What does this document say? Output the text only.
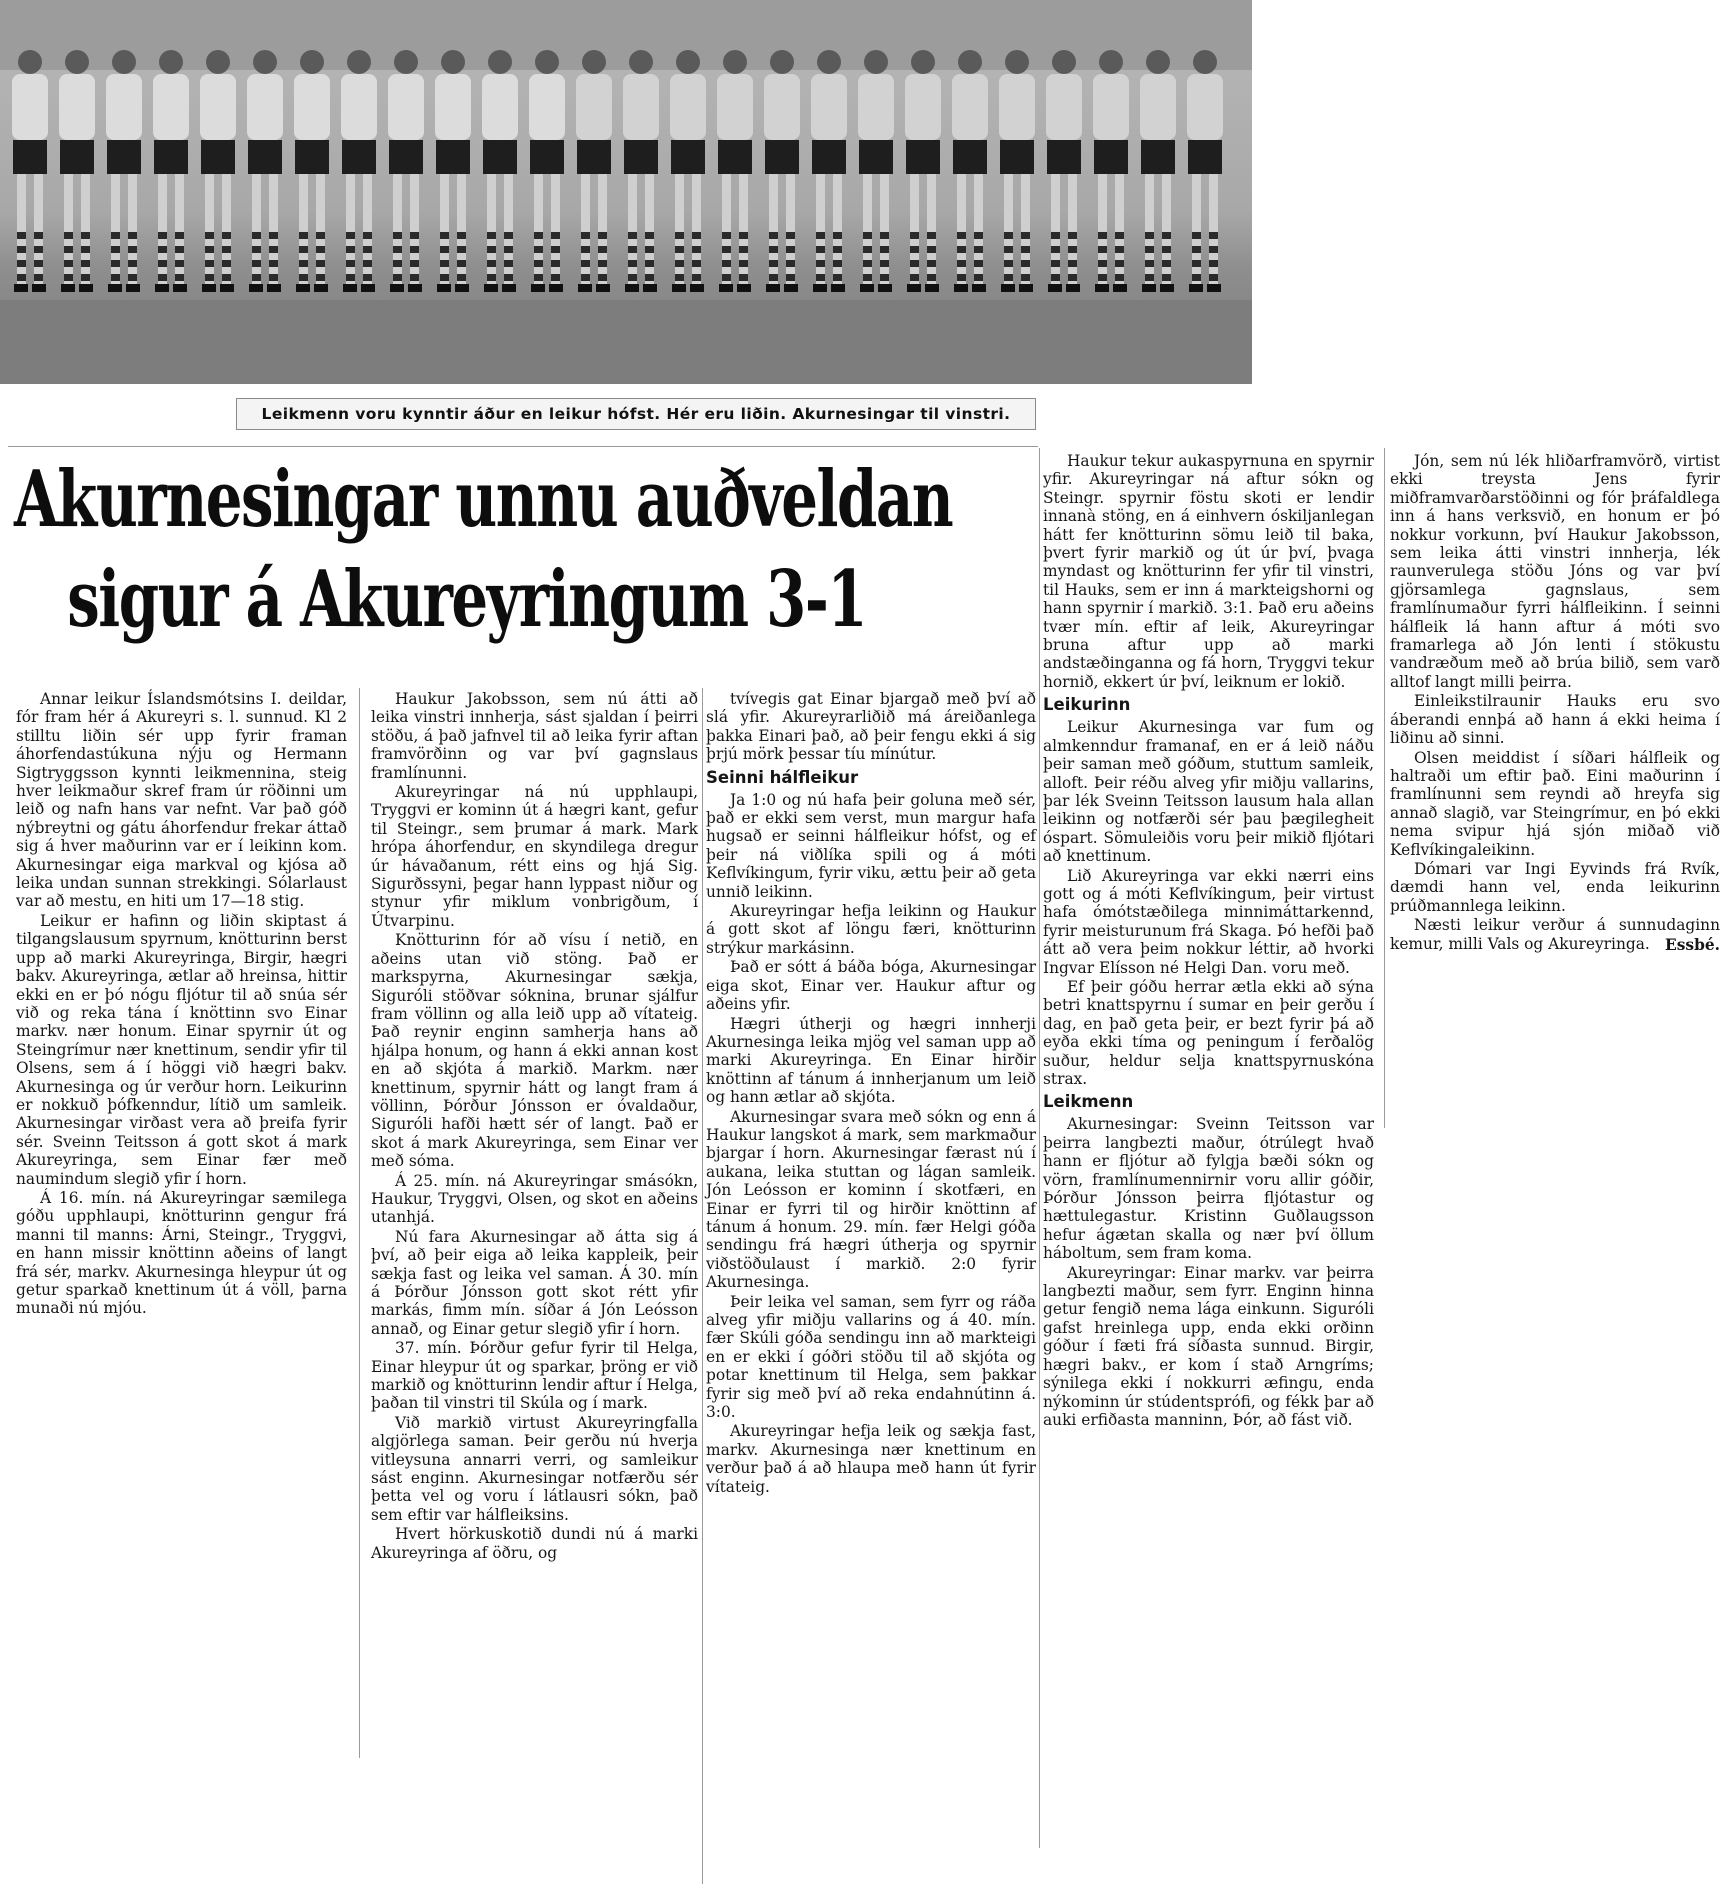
Leikmenn voru kynntir áður en leikur hófst. Hér eru liðin. Akurnesingar til vinstri.
Akurnesingar unnu auðveldan
sigur á Akureyringum 3-1

Annar leikur Íslandsmótsins I. deildar, fór fram hér á Akureyri s. l. sunnud. Kl 2 stilltu liðin sér upp fyrir framan áhorfendastúkuna nýju og Hermann Sigtryggsson kynnti leikmennina, steig hver leikmaður skref fram úr röðinni um leið og nafn hans var nefnt. Var það góð nýbreytni og gátu áhorfendur frekar áttað sig á hver maðurinn var er í leikinn kom. Akurnesingar eiga markval og kjósa að leika undan sunnan strekkingi. Sólarlaust var að mestu, en hiti um 17—18 stig.

Leikur er hafinn og liðin skiptast á tilgangslausum spyrnum, knötturinn berst upp að marki Akureyringa, Birgir, hægri bakv. Akureyringa, ætlar að hreinsa, hittir ekki en er þó nógu fljótur til að snúa sér við og reka tána í knöttinn svo Einar markv. nær honum. Einar spyrnir út og Steingrímur nær knettinum, sendir yfir til Olsens, sem á í höggi við hægri bakv. Akurnesinga og úr verður horn. Leikurinn er nokkuð þófkenndur, lítið um samleik. Akurnesingar virðast vera að þreifa fyrir sér. Sveinn Teitsson á gott skot á mark Akureyringa, sem Einar fær með naumindum slegið yfir í horn.

Á 16. mín. ná Akureyringar sæmilega góðu upphlaupi, knötturinn gengur frá manni til manns: Árni, Steingr., Tryggvi, en hann missir knöttinn aðeins of langt frá sér, markv. Akurnesinga hleypur út og getur sparkað knettinum út á völl, þarna munaði nú mjóu.

Haukur Jakobsson, sem nú átti að leika vinstri innherja, sást sjaldan í þeirri stöðu, á það jafnvel til að leika fyrir aftan framvörðinn og var því gagnslaus framlínunni.

Akureyringar ná nú upphlaupi, Tryggvi er kominn út á hægri kant, gefur til Steingr., sem þrumar á mark. Mark hrópa áhorfendur, en skyndilega dregur úr hávaðanum, rétt eins og hjá Sig. Sigurðssyni, þegar hann lyppast niður og stynur yfir miklum vonbrigðum, í Útvarpinu.

Knötturinn fór að vísu í netið, en aðeins utan við stöng. Það er markspyrna, Akurnesingar sækja, Siguróli stöðvar sóknina, brunar sjálfur fram völlinn og alla leið upp að vítateig. Það reynir enginn samherja hans að hjálpa honum, og hann á ekki annan kost en að skjóta á markið. Markm. nær knettinum, spyrnir hátt og langt fram á völlinn, Þórður Jónsson er óvaldaður, Siguróli hafði hætt sér of langt. Það er skot á mark Akureyringa, sem Einar ver með sóma.

Á 25. mín. ná Akureyringar smásókn, Haukur, Tryggvi, Olsen, og skot en aðeins utanhjá.

Nú fara Akurnesingar að átta sig á því, að þeir eiga að leika kappleik, þeir sækja fast og leika vel saman. Á 30. mín á Þórður Jónsson gott skot rétt yfir markás, fimm mín. síðar á Jón Leósson annað, og Einar getur slegið yfir í horn.

37. mín. Þórður gefur fyrir til Helga, Einar hleypur út og sparkar, þröng er við markið og knötturinn lendir aftur í Helga, þaðan til vinstri til Skúla og í mark.

Við markið virtust Akureyringfalla algjörlega saman. Þeir gerðu nú hverja vitleysuna annarri verri, og samleikur sást enginn. Akurnesingar notfærðu sér þetta vel og voru í látlausri sókn, það sem eftir var hálfleiksins.

Hvert hörkuskotið dundi nú á marki Akureyringa af öðru, og

tvívegis gat Einar bjargað með því að slá yfir. Akureyrarliðið má áreiðanlega þakka Einari það, að þeir fengu ekki á sig þrjú mörk þessar tíu mínútur.

Seinni hálfleikur

Ja 1:0 og nú hafa þeir goluna með sér, það er ekki sem verst, mun margur hafa hugsað er seinni hálfleikur hófst, og ef þeir ná viðlíka spili og á móti Keflvíkingum, fyrir viku, ættu þeir að geta unnið leikinn.

Akureyringar hefja leikinn og Haukur á gott skot af löngu færi, knötturinn strýkur markásinn.

Það er sótt á báða bóga, Akurnesingar eiga skot, Einar ver. Haukur aftur og aðeins yfir.

Hægri útherji og hægri innherji Akurnesinga leika mjög vel saman upp að marki Akureyringa. En Einar hirðir knöttinn af tánum á innherjanum um leið og hann ætlar að skjóta.

Akurnesingar svara með sókn og enn á Haukur langskot á mark, sem markmaður bjargar í horn. Akurnesingar færast nú í aukana, leika stuttan og lágan samleik. Jón Leósson er kominn í skotfæri, en Einar er fyrri til og hirðir knöttinn af tánum á honum. 29. mín. fær Helgi góða sendingu frá hægri útherja og spyrnir viðstöðulaust í markið. 2:0 fyrir Akurnesinga.

Þeir leika vel saman, sem fyrr og ráða alveg yfir miðju vallarins og á 40. mín. fær Skúli góða sendingu inn að markteigi en er ekki í góðri stöðu til að skjóta og potar knettinum til Helga, sem þakkar fyrir sig með því að reka endahnútinn á. 3:0.

Akureyringar hefja leik og sækja fast, markv. Akurnesinga nær knettinum en verður það á að hlaupa með hann út fyrir vítateig.

Haukur tekur aukaspyrnuna en spyrnir yfir. Akureyringar ná aftur sókn og Steingr. spyrnir föstu skoti er lendir innanà stöng, en á einhvern óskiljanlegan hátt fer knötturinn sömu leið til baka, þvert fyrir markið og út úr því, þvaga myndast og knötturinn fer yfir til vinstri, til Hauks, sem er inn á markteigshorni og hann spyrnir í markið. 3:1. Það eru aðeins tvær mín. eftir af leik, Akureyringar bruna aftur upp að marki andstæðinganna og fá horn, Tryggvi tekur hornið, ekkert úr því, leiknum er lokið.

Leikurinn

Leikur Akurnesinga var fum og almkenndur framanaf, en er á leið náðu þeir saman með góðum, stuttum samleik, alloft. Þeir réðu alveg yfir miðju vallarins, þar lék Sveinn Teitsson lausum hala allan leikinn og notfærði sér þau þægilegheit óspart. Sömuleiðis voru þeir mikið fljótari að knettinum.

Lið Akureyringa var ekki nærri eins gott og á móti Keflvíkingum, þeir virtust hafa ómótstæðilega minnimáttarkennd, fyrir meisturunum frá Skaga. Þó hefði það átt að vera þeim nokkur léttir, að hvorki Ingvar Elísson né Helgi Dan. voru með.

Ef þeir góðu herrar ætla ekki að sýna betri knattspyrnu í sumar en þeir gerðu í dag, en það geta þeir, er bezt fyrir þá að eyða ekki tíma og peningum í ferðalög suður, heldur selja knattspyrnuskóna strax.

Leikmenn

Akurnesingar: Sveinn Teitsson var þeirra langbezti maður, ótrúlegt hvað hann er fljótur að fylgja bæði sókn og vörn, framlínumennirnir voru allir góðir, Þórður Jónsson þeirra fljótastur og hættulegastur. Kristinn Guðlaugsson hefur ágætan skalla og nær því öllum háboltum, sem fram koma.

Akureyringar: Einar markv. var þeirra langbezti maður, sem fyrr. Enginn hinna getur fengið nema lága einkunn. Siguróli gafst hreinlega upp, enda ekki orðinn góður í fæti frá síðasta sunnud. Birgir, hægri bakv., er kom í stað Arngríms; sýnilega ekki í nokkurri æfingu, enda nýkominn úr stúdentsprófi, og fékk þar að auki erfiðasta manninn, Þór, að fást við.

Jón, sem nú lék hliðarframvörð, virtist ekki treysta Jens fyrir miðframvarðarstöðinni og fór þráfaldlega inn á hans verksvið, en honum er þó nokkur vorkunn, því Haukur Jakobsson, sem leika átti vinstri innherja, lék raunverulega stöðu Jóns og var því gjörsamlega gagnslaus, sem framlínumaður fyrri hálfleikinn. Í seinni hálfleik lá hann aftur á móti svo framarlega að Jón lenti í stökustu vandræðum með að brúa bilið, sem varð alltof langt milli þeirra.

Einleikstilraunir Hauks eru svo áberandi ennþá að hann á ekki heima í liðinu að sinni.

Olsen meiddist í síðari hálfleik og haltraði um eftir það. Eini maðurinn í framlínunni sem reyndi að hreyfa sig annað slagið, var Steingrímur, en þó ekki nema svipur hjá sjón miðað við Keflvíkingaleikinn.

Dómari var Ingi Eyvinds frá Rvík, dæmdi hann vel, enda leikurinn prúðmannlega leikinn.

Næsti leikur verður á sunnudaginn kemur, milli Vals og Akureyringa. Essbé.
